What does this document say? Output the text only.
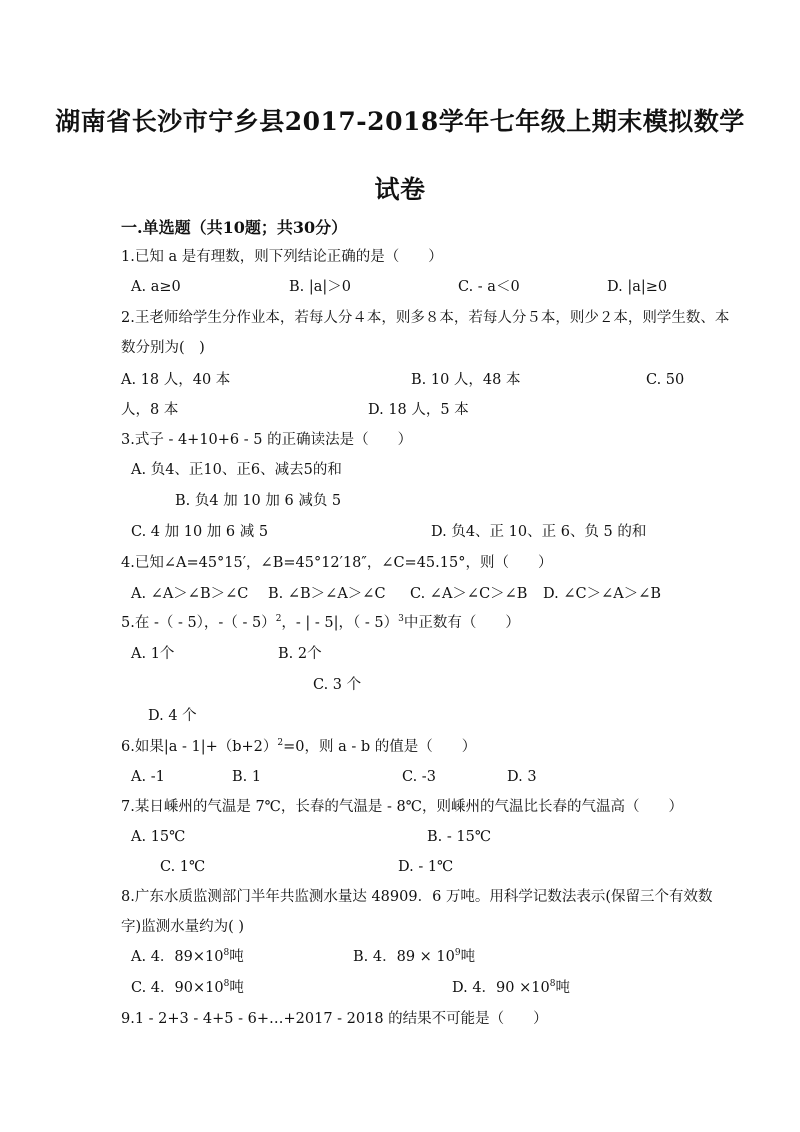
湖南省长沙市宁乡县2017-2018学年七年级上期末模拟数学
试卷
一.单选题（共10题；共30分）
1.已知 a 是有理数，则下列结论正确的是（　　）
A. a≥0	B. |a|＞0	C. - a＜0	D. |a|≥0
2.王老师给学生分作业本，若每人分４本，则多８本，若每人分５本，则少２本，则学生数、本
数分别为(　)
A. 18 人，40 本	B. 10 人，48 本	C. 50
人，8 本	D. 18 人，5 本
3.式子 - 4+10+6 - 5 的正确读法是（　　）
A. 负4、正10、正6、减去5的和
B. 负4 加 10 加 6 减负 5
C. 4 加 10 加 6 减 5	D. 负4、正 10、正 6、负 5 的和
4.已知∠A=45°15′，∠B=45°12′18″，∠C=45.15°，则（　　）
A. ∠A＞∠B＞∠C B. ∠B＞∠A＞∠C C. ∠A＞∠C＞∠B D. ∠C＞∠A＞∠B
5.在 -（ - 5），-（ - 5）$^2$，- | - 5|，（ - 5）$^3$中正数有（　　）
A. 1个	B. 2个
C. 3 个
D. 4 个
6.如果$|a - 1|+(b+2)^2=0$，则 a - b 的值是（　　）
A. -1	B. 1	C. -3	D. 3
7.某日嵊州的气温是 7℃，长春的气温是 - 8℃，则嵊州的气温比长春的气温高（　　）
A. 15℃	B. - 15℃
C. 1℃	D. - 1℃
8.广东水质监测部门半年共监测水量达 48909．6 万吨。用科学记数法表示(保留三个有效数
字)监测水量约为( )
A. 4．$89\times 10^8$吨	B. 4．$89 \times 10^9$吨
C. 4．$90\times 10^8$吨	D. 4．$90 \times 10^8$吨
9.1 - 2+3 - 4+5 - 6+…+2017 - 2018 的结果不可能是（　　）
